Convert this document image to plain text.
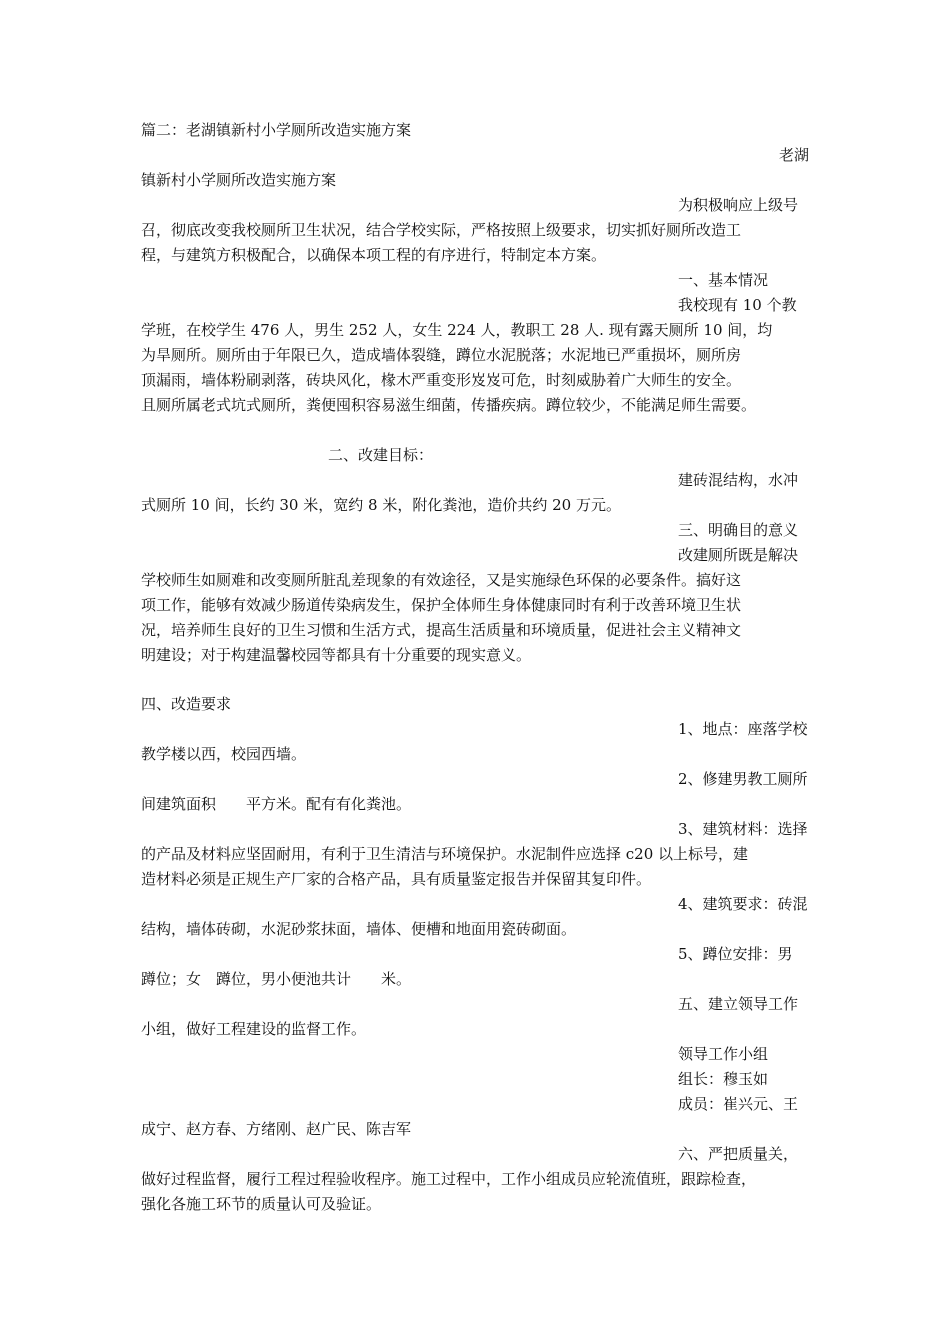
篇二：老湖镇新村小学厕所改造实施方案
老湖
镇新村小学厕所改造实施方案
为积极响应上级号
召，彻底改变我校厕所卫生状况，结合学校实际，严格按照上级要求，切实抓好厕所改造工
程，与建筑方积极配合，以确保本项工程的有序进行，特制定本方案。
一、基本情况
我校现有 10 个教
学班，在校学生 476 人，男生 252 人，女生 224 人，教职工 28 人. 现有露天厕所 10 间，均
为旱厕所。厕所由于年限已久，造成墙体裂缝，蹲位水泥脱落；水泥地已严重损坏，厕所房
顶漏雨，墙体粉刷剥落，砖块风化，椽木严重变形岌岌可危，时刻威胁着广大师生的安全。
且厕所属老式坑式厕所，粪便囤积容易滋生细菌，传播疾病。蹲位较少，不能满足师生需要。
二、改建目标：
建砖混结构，水冲
式厕所 10 间，长约 30 米，宽约 8 米，附化粪池，造价共约 20 万元。
三、明确目的意义
改建厕所既是解决
学校师生如厕难和改变厕所脏乱差现象的有效途径，又是实施绿色环保的必要条件。搞好这
项工作，能够有效减少肠道传染病发生，保护全体师生身体健康同时有利于改善环境卫生状
况，培养师生良好的卫生习惯和生活方式，提高生活质量和环境质量，促进社会主义精神文
明建设；对于构建温馨校园等都具有十分重要的现实意义。
四、改造要求
1、地点：座落学校
教学楼以西，校园西墙。
2、修建男教工厕所
间建筑面积　　平方米。配有有化粪池。
3、建筑材料：选择
的产品及材料应坚固耐用，有利于卫生清洁与环境保护。水泥制件应选择 c20 以上标号，建
造材料必须是正规生产厂家的合格产品，具有质量鉴定报告并保留其复印件。
4、建筑要求：砖混
结构，墙体砖砌，水泥砂浆抹面，墙体、便槽和地面用瓷砖砌面。
5、蹲位安排：男
蹲位；女　蹲位，男小便池共计　　米。
五、建立领导工作
小组，做好工程建设的监督工作。
领导工作小组
组长：穆玉如
成员：崔兴元、王
成宁、赵方春、方绪刚、赵广民、陈吉军
六、严把质量关，
做好过程监督，履行工程过程验收程序。施工过程中，工作小组成员应轮流值班，跟踪检查，
强化各施工环节的质量认可及验证。
